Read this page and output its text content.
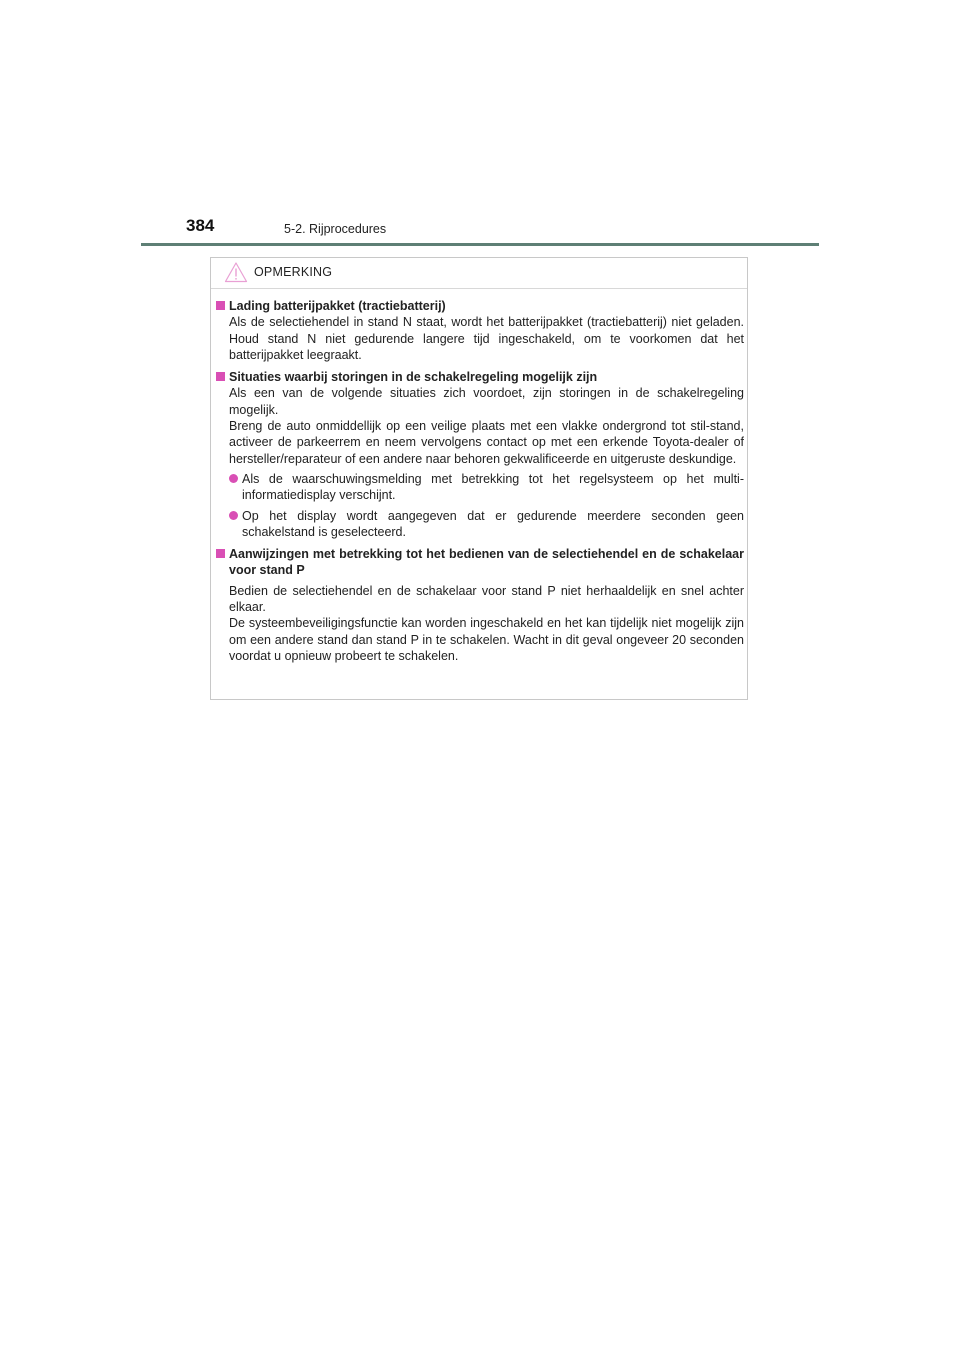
384	5-2. Rijprocedures
OPMERKING
Lading batterijpakket (tractiebatterij)
Als de selectiehendel in stand N staat, wordt het batterijpakket (tractiebatterij) niet geladen. Houd stand N niet gedurende langere tijd ingeschakeld, om te voorkomen dat het batterijpakket leegraakt.
Situaties waarbij storingen in de schakelregeling mogelijk zijn
Als een van de volgende situaties zich voordoet, zijn storingen in de schakelregeling mogelijk.
Breng de auto onmiddellijk op een veilige plaats met een vlakke ondergrond tot stil-stand, activeer de parkeerrem en neem vervolgens contact op met een erkende Toyota-dealer of hersteller/reparateur of een andere naar behoren gekwalificeerde en uitgeruste deskundige.
Als de waarschuwingsmelding met betrekking tot het regelsysteem op het multi-informatiedisplay verschijnt.
Op het display wordt aangegeven dat er gedurende meerdere seconden geen schakelstand is geselecteerd.
Aanwijzingen met betrekking tot het bedienen van de selectiehendel en de schakelaar voor stand P
Bedien de selectiehendel en de schakelaar voor stand P niet herhaaldelijk en snel achter elkaar.
De systeembeveiligingsfunctie kan worden ingeschakeld en het kan tijdelijk niet mogelijk zijn om een andere stand dan stand P in te schakelen. Wacht in dit geval ongeveer 20 seconden voordat u opnieuw probeert te schakelen.
